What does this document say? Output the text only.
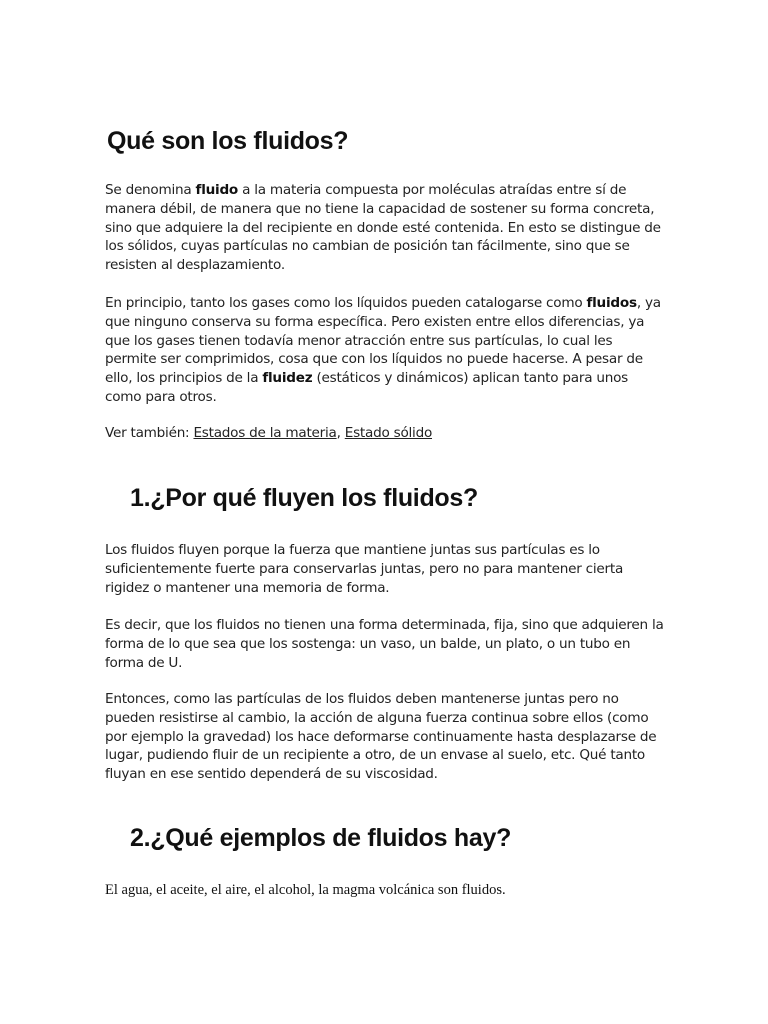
Qué son los fluidos?

Se denomina fluido a la materia compuesta por moléculas atraídas entre sí de manera débil, de manera que no tiene la capacidad de sostener su forma concreta, sino que adquiere la del recipiente en donde esté contenida. En esto se distingue de los sólidos, cuyas partículas no cambian de posición tan fácilmente, sino que se resisten al desplazamiento.

En principio, tanto los gases como los líquidos pueden catalogarse como fluidos, ya que ninguno conserva su forma específica. Pero existen entre ellos diferencias, ya que los gases tienen todavía menor atracción entre sus partículas, lo cual les permite ser comprimidos, cosa que con los líquidos no puede hacerse. A pesar de ello, los principios de la fluidez (estáticos y dinámicos) aplican tanto para unos como para otros.

Ver también: Estados de la materia, Estado sólido

1.¿Por qué fluyen los fluidos?

Los fluidos fluyen porque la fuerza que mantiene juntas sus partículas es lo suficientemente fuerte para conservarlas juntas, pero no para mantener cierta rigidez o mantener una memoria de forma.

Es decir, que los fluidos no tienen una forma determinada, fija, sino que adquieren la forma de lo que sea que los sostenga: un vaso, un balde, un plato, o un tubo en forma de U.

Entonces, como las partículas de los fluidos deben mantenerse juntas pero no pueden resistirse al cambio, la acción de alguna fuerza continua sobre ellos (como por ejemplo la gravedad) los hace deformarse continuamente hasta desplazarse de lugar, pudiendo fluir de un recipiente a otro, de un envase al suelo, etc. Qué tanto fluyan en ese sentido dependerá de su viscosidad.

2.¿Qué ejemplos de fluidos hay?

El agua, el aceite, el aire, el alcohol, la magma volcánica son fluidos.
